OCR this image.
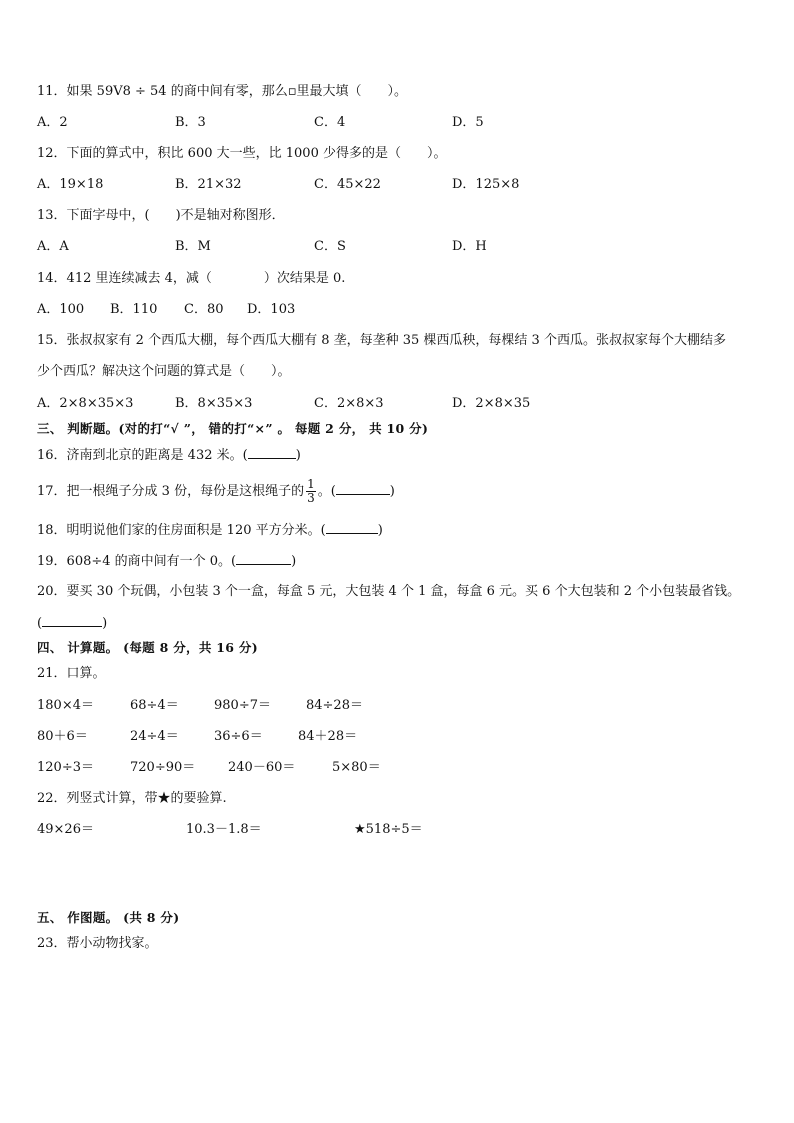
11．如果 59V8 ÷ 54 的商中间有零，那么▫里最大填（　　）。
A．2	B．3	C．4	D．5
12．下面的算式中，积比 600 大一些，比 1000 少得多的是（　　）。
A．19×18	B．21×32	C．45×22	D．125×8
13．下面字母中，(　　)不是轴对称图形．
A．A	B．M	C．S	D．H
14．412 里连续减去 4，减（　　　　）次结果是 0.
A．100 B．110 C．80 D．103
15．张叔叔家有 2 个西瓜大棚，每个西瓜大棚有 8 垄，每垄种 35 棵西瓜秧，每棵结 3 个西瓜。张叔叔家每个大棚结多
少个西瓜？解决这个问题的算式是（　　）。
A．2×8×35×3	B．8×35×3	C．2×8×3	D．2×8×35
三、 判断题。(对的打“√ ”， 错的打“×” 。 每题 2 分， 共 10 分)
16．济南到北京的距离是 432 米。(	)
17．把一根绳子分成 3 份，每份是这根绳子的 $\frac{1}{3}$ 。(	)
18．明明说他们家的住房面积是 120 平方分米。(	)
19．608÷4 的商中间有一个 0。(	)
20．要买 30 个玩偶，小包装 3 个一盒，每盒 5 元，大包装 4 个 1 盒，每盒 6 元。买 6 个大包装和 2 个小包装最省钱。
(	)
四、 计算题。 (每题 8 分，共 16 分)
21．口算。
180×4＝	68÷4＝	980÷7＝	84÷28＝
80＋6＝	24÷4＝	36÷6＝	84＋28＝
120÷3＝	720÷90＝	240－60＝	5×80＝
22．列竖式计算，带★的要验算.
49×26＝	10.3－1.8＝	★518÷5＝
五、 作图题。 (共 8 分)
23．帮小动物找家。
